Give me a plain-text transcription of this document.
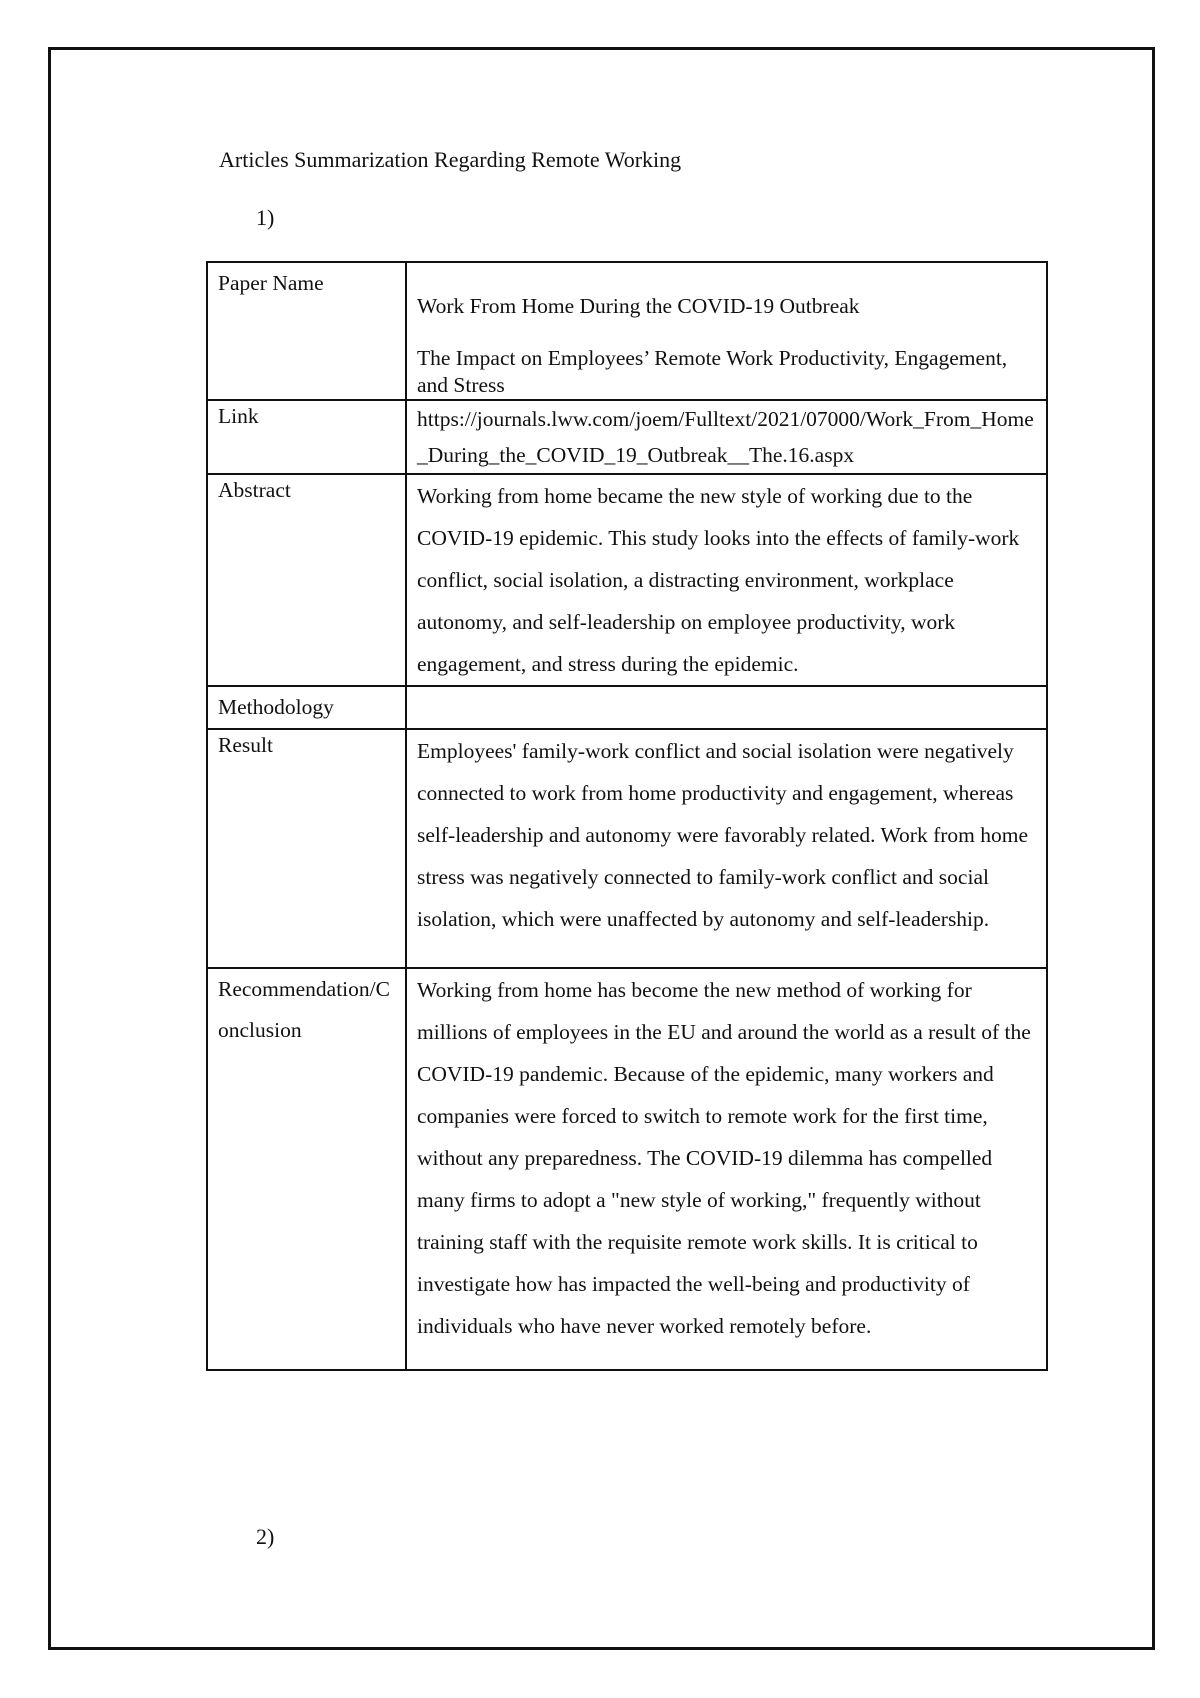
Articles Summarization Regarding Remote Working
1)
Paper Name	Work From Home During the COVID-19 Outbreak
The Impact on Employees’ Remote Work Productivity, Engagement, and Stress

Link	https://journals.lww.com/joem/Fulltext/2021/07000/Work_From_Home_During_the_COVID_19_Outbreak__The.16.aspx
Abstract	Working from home became the new style of working due to the COVID-19 epidemic. This study looks into the effects of family-work conflict, social isolation, a distracting environment, workplace autonomy, and self-leadership on employee productivity, work engagement, and stress during the epidemic.
Methodology	
Result	Employees' family-work conflict and social isolation were negatively connected to work from home productivity and engagement, whereas self-leadership and autonomy were favorably related. Work from home stress was negatively connected to family-work conflict and social isolation, which were unaffected by autonomy and self-leadership.
Recommendation/Conclusion	Working from home has become the new method of working for millions of employees in the EU and around the world as a result of the COVID-19 pandemic. Because of the epidemic, many workers and companies were forced to switch to remote work for the first time, without any preparedness. The COVID-19 dilemma has compelled many firms to adopt a "new style of working," frequently without training staff with the requisite remote work skills. It is critical to investigate how has impacted the well-being and productivity of individuals who have never worked remotely before.
2)
